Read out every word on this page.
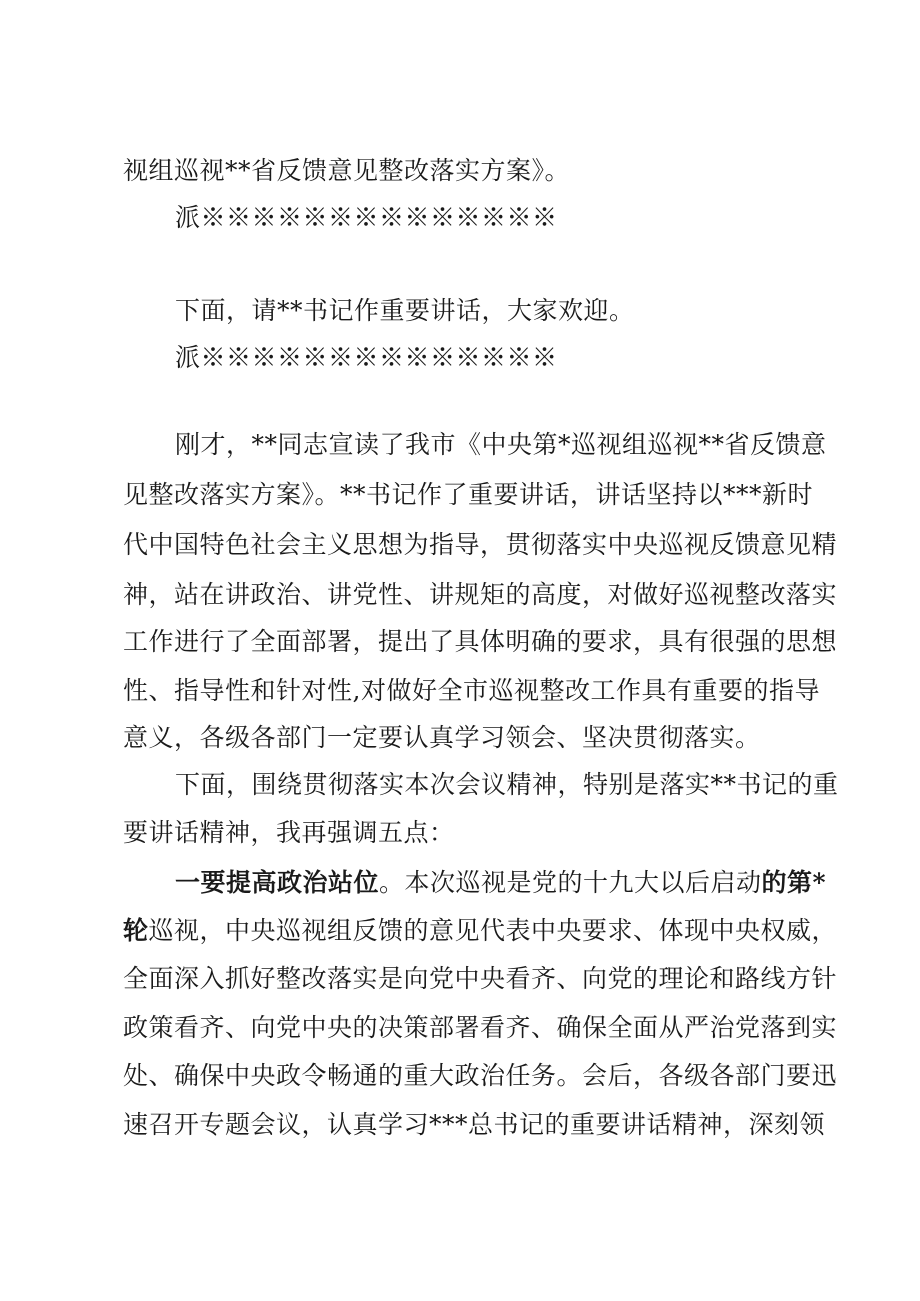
视组巡视**省反馈意见整改落实方案》。
派※※※※※※※※※※※※※※
下面，请**书记作重要讲话，大家欢迎。
派※※※※※※※※※※※※※※
刚才，**同志宣读了我市《中央第*巡视组巡视**省反馈意
见整改落实方案》。**书记作了重要讲话，讲话坚持以***新时
代中国特色社会主义思想为指导，贯彻落实中央巡视反馈意见精
神，站在讲政治、讲党性、讲规矩的高度，对做好巡视整改落实
工作进行了全面部署，提出了具体明确的要求，具有很强的思想
性、指导性和针对性,对做好全市巡视整改工作具有重要的指导
意义，各级各部门一定要认真学习领会、坚决贯彻落实。
下面，围绕贯彻落实本次会议精神，特别是落实**书记的重
要讲话精神，我再强调五点：
一要提高政治站位。本次巡视是党的十九大以后启动的第*
轮巡视，中央巡视组反馈的意见代表中央要求、体现中央权威，
全面深入抓好整改落实是向党中央看齐、向党的理论和路线方针
政策看齐、向党中央的决策部署看齐、确保全面从严治党落到实
处、确保中央政令畅通的重大政治任务。会后，各级各部门要迅
速召开专题会议，认真学习***总书记的重要讲话精神，深刻领
